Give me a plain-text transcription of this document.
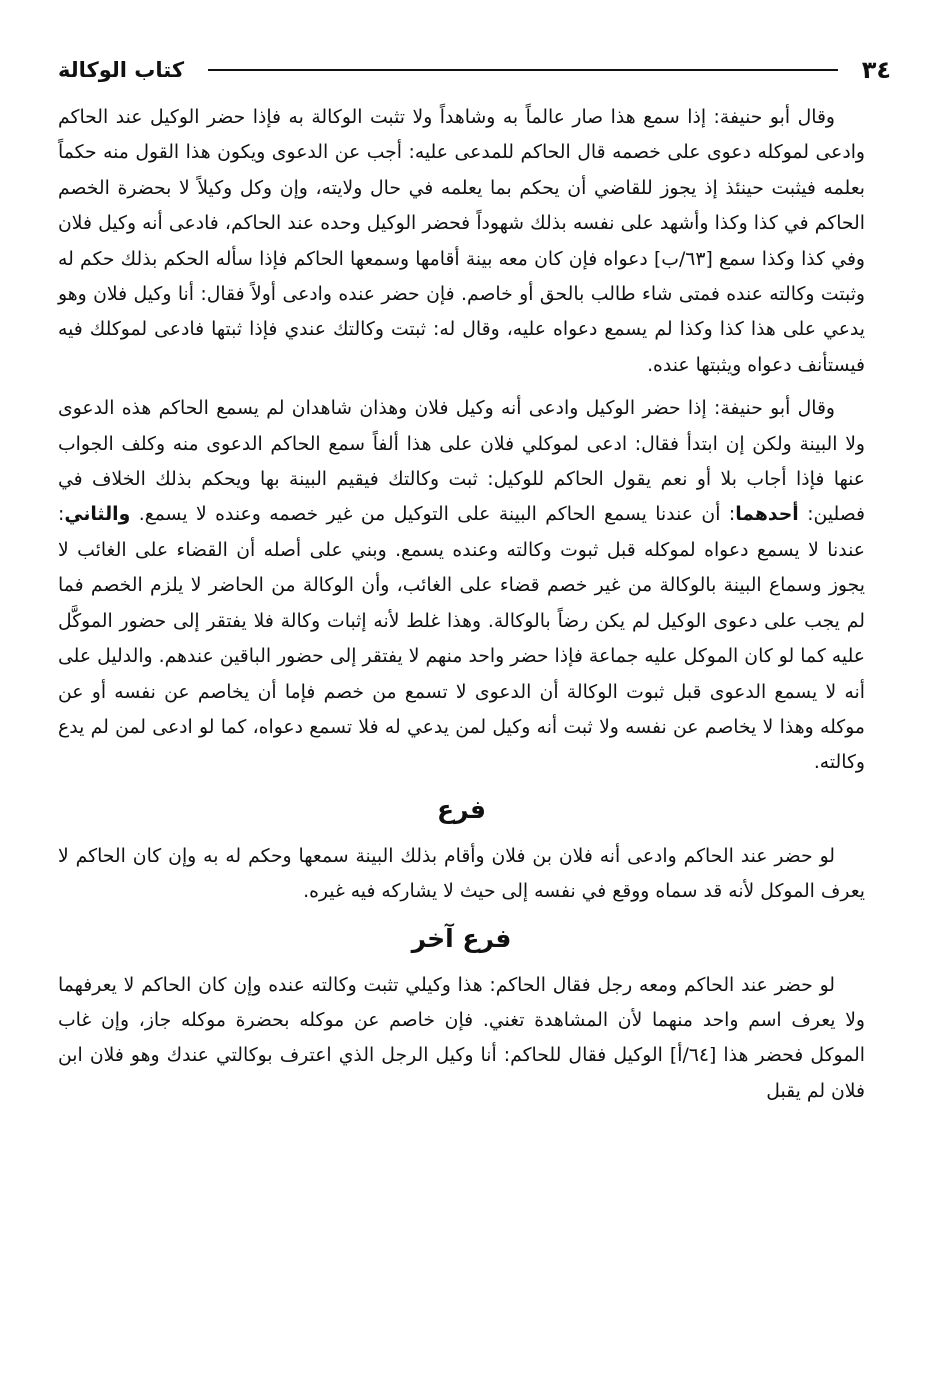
٣٤
كتاب الوكالة

وقال أبو حنيفة: إذا سمع هذا صار عالماً به وشاهداً ولا تثبت الوكالة به فإذا حضر الوكيل عند الحاكم وادعى لموكله دعوى على خصمه قال الحاكم للمدعى عليه: أجب عن الدعوى ويكون هذا القول منه حكماً بعلمه فيثبت حينئذ إذ يجوز للقاضي أن يحكم بما يعلمه في حال ولايته، وإن وكل وكيلاً لا بحضرة الخصم الحاكم في كذا وكذا وأشهد على نفسه بذلك شهوداً فحضر الوكيل وحده عند الحاكم، فادعى أنه وكيل فلان وفي كذا وكذا سمع [٦٣/ب] دعواه فإن كان معه بينة أقامها وسمعها الحاكم فإذا سأله الحكم بذلك حكم له وثبتت وكالته عنده فمتى شاء طالب بالحق أو خاصم. فإن حضر عنده وادعى أولاً فقال: أنا وكيل فلان وهو يدعي على هذا كذا وكذا لم يسمع دعواه عليه، وقال له: ثبتت وكالتك عندي فإذا ثبتها فادعى لموكلك فيه فيستأنف دعواه ويثبتها عنده.

وقال أبو حنيفة: إذا حضر الوكيل وادعى أنه وكيل فلان وهذان شاهدان لم يسمع الحاكم هذه الدعوى ولا البينة ولكن إن ابتدأ فقال: ادعى لموكلي فلان على هذا ألفاً سمع الحاكم الدعوى منه وكلف الجواب عنها فإذا أجاب بلا أو نعم يقول الحاكم للوكيل: ثبت وكالتك فيقيم البينة بها ويحكم بذلك الخلاف في فصلين: أحدهما: أن عندنا يسمع الحاكم البينة على التوكيل من غير خصمه وعنده لا يسمع. والثاني: عندنا لا يسمع دعواه لموكله قبل ثبوت وكالته وعنده يسمع. وبني على أصله أن القضاء على الغائب لا يجوز وسماع البينة بالوكالة من غير خصم قضاء على الغائب، وأن الوكالة من الحاضر لا يلزم الخصم فما لم يجب على دعوى الوكيل لم يكن رضاً بالوكالة. وهذا غلط لأنه إثبات وكالة فلا يفتقر إلى حضور الموكَّل عليه كما لو كان الموكل عليه جماعة فإذا حضر واحد منهم لا يفتقر إلى حضور الباقين عندهم. والدليل على أنه لا يسمع الدعوى قبل ثبوت الوكالة أن الدعوى لا تسمع من خصم فإما أن يخاصم عن نفسه أو عن موكله وهذا لا يخاصم عن نفسه ولا ثبت أنه وكيل لمن يدعي له فلا تسمع دعواه، كما لو ادعى لمن لم يدع وكالته.

فرع

لو حضر عند الحاكم وادعى أنه فلان بن فلان وأقام بذلك البينة سمعها وحكم له به وإن كان الحاكم لا يعرف الموكل لأنه قد سماه ووقع في نفسه إلى حيث لا يشاركه فيه غيره.

فرع آخر

لو حضر عند الحاكم ومعه رجل فقال الحاكم: هذا وكيلي تثبت وكالته عنده وإن كان الحاكم لا يعرفهما ولا يعرف اسم واحد منهما لأن المشاهدة تغني. فإن خاصم عن موكله بحضرة موكله جاز، وإن غاب الموكل فحضر هذا [٦٤/أ] الوكيل فقال للحاكم: أنا وكيل الرجل الذي اعترف بوكالتي عندك وهو فلان ابن فلان لم يقبل
